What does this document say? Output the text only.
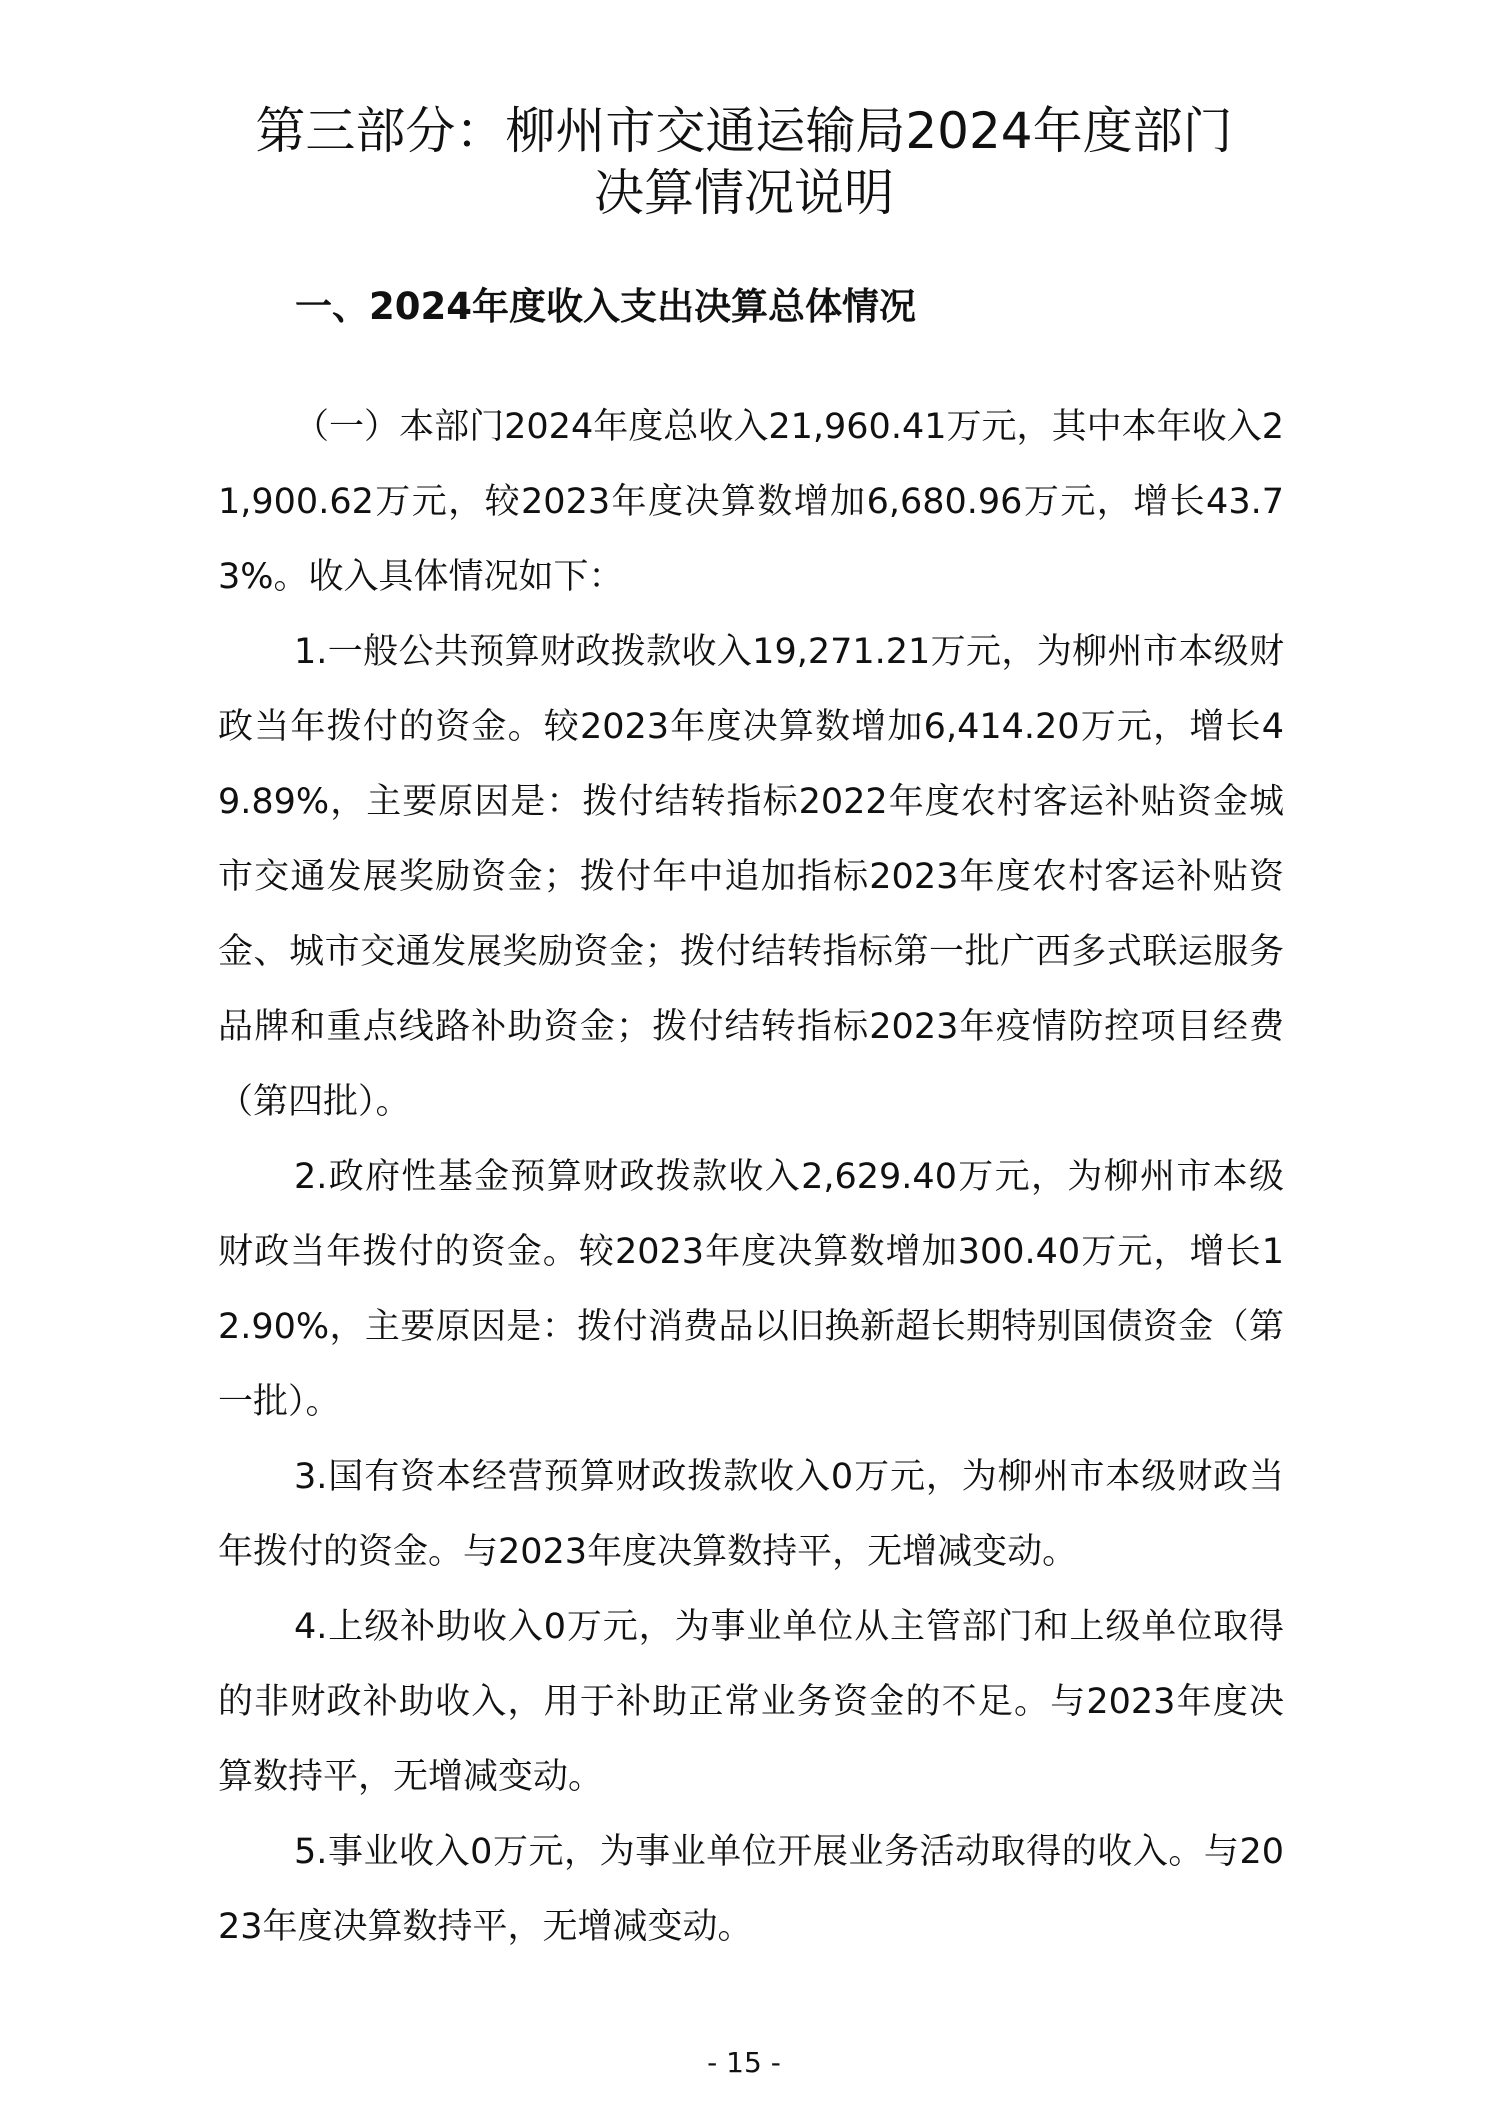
第三部分：柳州市交通运输局2024年度部门
决算情况说明
一、2024年度收入支出决算总体情况

（一）本部门2024年度总收入21,960.41万元，其中本年收入21,900.62万元，较2023年度决算数增加6,680.96万元，增长43.73%。收入具体情况如下：

1.一般公共预算财政拨款收入19,271.21万元，为柳州市本级财政当年拨付的资金。较2023年度决算数增加6,414.20万元，增长49.89%，主要原因是：拨付结转指标2022年度农村客运补贴资金城市交通发展奖励资金；拨付年中追加指标2023年度农村客运补贴资金、城市交通发展奖励资金；拨付结转指标第一批广西多式联运服务品牌和重点线路补助资金；拨付结转指标2023年疫情防控项目经费（第四批）。

2.政府性基金预算财政拨款收入2,629.40万元，为柳州市本级财政当年拨付的资金。较2023年度决算数增加300.40万元，增长12.90%，主要原因是：拨付消费品以旧换新超长期特别国债资金（第一批）。

3.国有资本经营预算财政拨款收入0万元，为柳州市本级财政当年拨付的资金。与2023年度决算数持平，无增减变动。

4.上级补助收入0万元，为事业单位从主管部门和上级单位取得的非财政补助收入，用于补助正常业务资金的不足。与2023年度决算数持平，无增减变动。

5.事业收入0万元，为事业单位开展业务活动取得的收入。与2023年度决算数持平，无增减变动。

- 15 -
